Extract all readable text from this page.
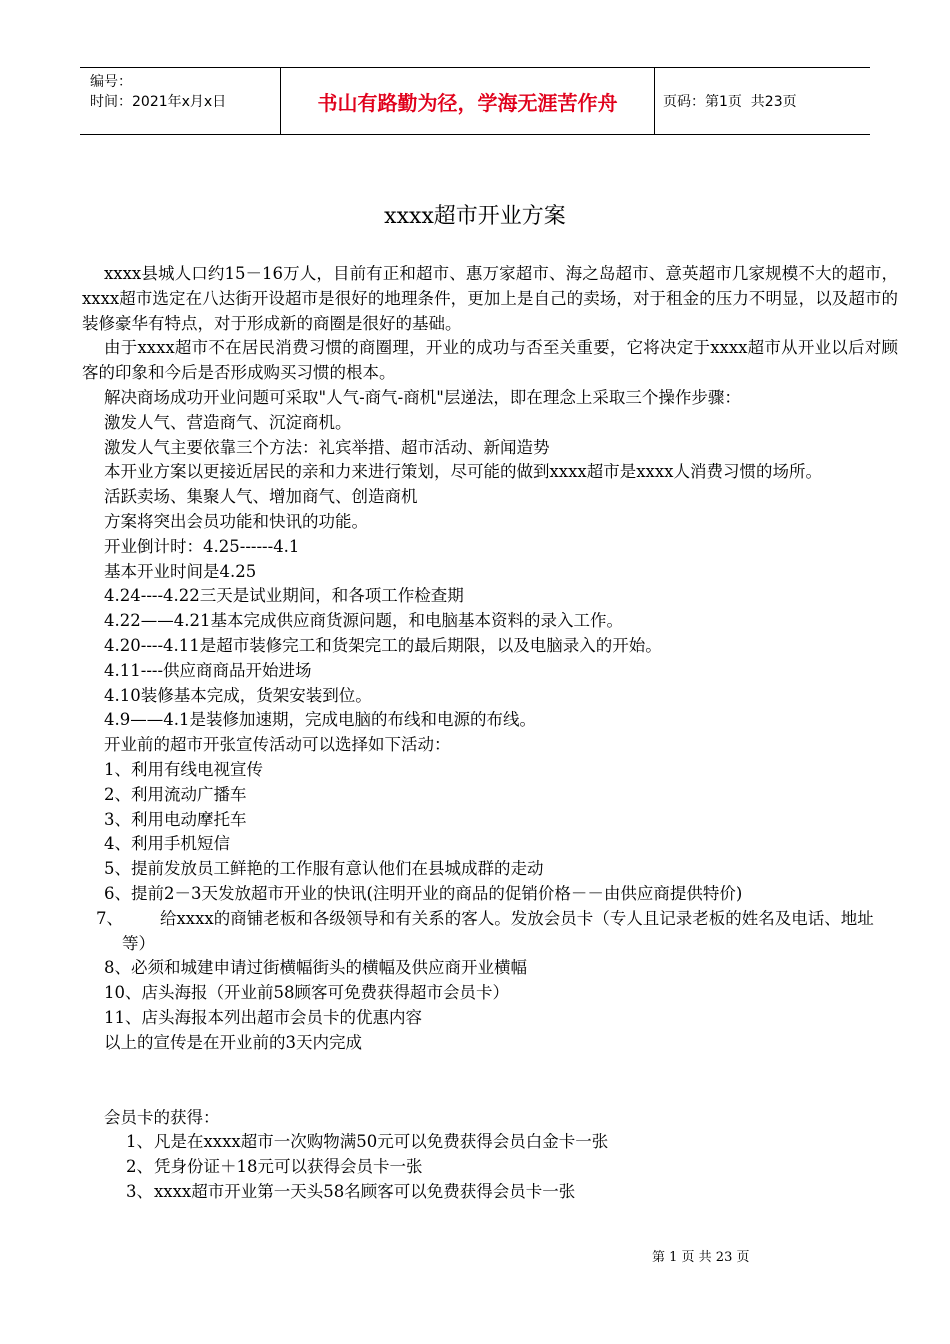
编号：
时间：2021年x月x日	书山有路勤为径，学海无涯苦作舟	页码：第1页  共23页
xxxx超市开业方案

xxxx县城人口约15－16万人，目前有正和超市、惠万家超市、海之岛超市、意英超市几家规模不大的超市，xxxx超市选定在八达街开设超市是很好的地理条件，更加上是自己的卖场，对于租金的压力不明显，以及超市的装修豪华有特点，对于形成新的商圈是很好的基础。

由于xxxx超市不在居民消费习惯的商圈理，开业的成功与否至关重要，它将决定于xxxx超市从开业以后对顾客的印象和今后是否形成购买习惯的根本。

解决商场成功开业问题可采取"人气-商气-商机"层递法，即在理念上采取三个操作步骤：

激发人气、营造商气、沉淀商机。

激发人气主要依靠三个方法：礼宾举措、超市活动、新闻造势

本开业方案以更接近居民的亲和力来进行策划，尽可能的做到xxxx超市是xxxx人消费习惯的场所。

活跃卖场、集聚人气、增加商气、创造商机

方案将突出会员功能和快讯的功能。

开业倒计时：4.25------4.1

基本开业时间是4.25

4.24----4.22三天是试业期间，和各项工作检查期

4.22——4.21基本完成供应商货源问题，和电脑基本资料的录入工作。

4.20----4.11是超市装修完工和货架完工的最后期限，以及电脑录入的开始。

4.11----供应商商品开始进场

4.10装修基本完成，货架安装到位。

4.9——4.1是装修加速期，完成电脑的布线和电源的布线。

开业前的超市开张宣传活动可以选择如下活动：

1、利用有线电视宣传

2、利用流动广播车

3、利用电动摩托车

4、利用手机短信

5、提前发放员工鲜艳的工作服有意认他们在县城成群的走动

6、提前2－3天发放超市开业的快讯(注明开业的商品的促销价格－－由供应商提供特价)

7、 给xxxx的商铺老板和各级领导和有关系的客人。发放会员卡（专人且记录老板的姓名及电话、地址等）

8、必须和城建申请过街横幅街头的横幅及供应商开业横幅

10、店头海报（开业前58顾客可免费获得超市会员卡）

11、店头海报本列出超市会员卡的优惠内容

以上的宣传是在开业前的3天内完成

会员卡的获得：

1、凡是在xxxx超市一次购物满50元可以免费获得会员白金卡一张

2、凭身份证＋18元可以获得会员卡一张

3、xxxx超市开业第一天头58名顾客可以免费获得会员卡一张

第 1 页 共 23 页
